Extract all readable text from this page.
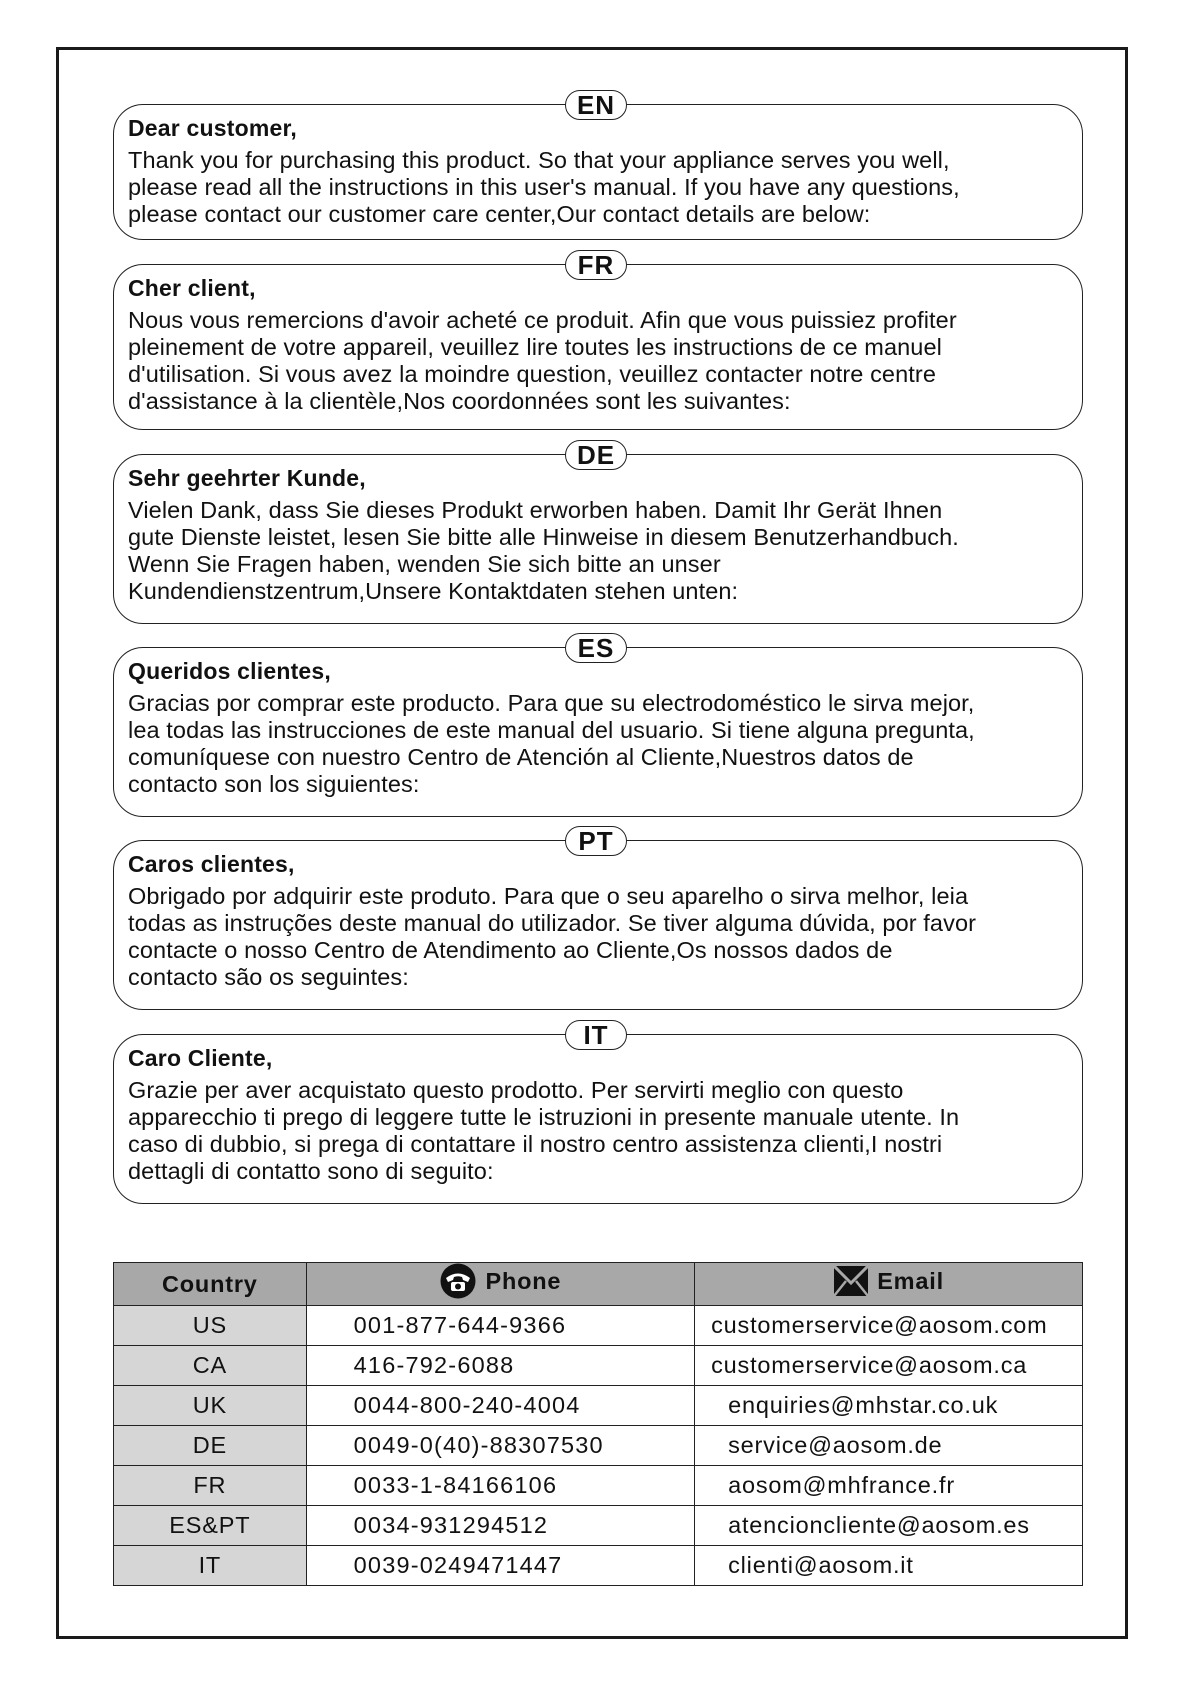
Dear customer,

Thank you for purchasing this product. So that your appliance serves you well,
please read all the instructions in this user's manual. If you have any questions,
please contact our customer care center,Our contact details are below:

EN

Cher client,

Nous vous remercions d'avoir acheté ce produit. Afin que vous puissiez profiter
pleinement de votre appareil, veuillez lire toutes les instructions de ce manuel
d'utilisation. Si vous avez la moindre question, veuillez contacter notre centre
d'assistance à la clientèle,Nos coordonnées sont les suivantes:

FR

Sehr geehrter Kunde,

Vielen Dank, dass Sie dieses Produkt erworben haben. Damit Ihr Gerät Ihnen
gute Dienste leistet, lesen Sie bitte alle Hinweise in diesem Benutzerhandbuch.
Wenn Sie Fragen haben, wenden Sie sich bitte an unser
Kundendienstzentrum,Unsere Kontaktdaten stehen unten:

DE

Queridos clientes,

Gracias por comprar este producto. Para que su electrodoméstico le sirva mejor,
lea todas las instrucciones de este manual del usuario. Si tiene alguna pregunta,
comuníquese con nuestro Centro de Atención al Cliente,Nuestros datos de
contacto son los siguientes:

ES

Caros clientes,

Obrigado por adquirir este produto. Para que o seu aparelho o sirva melhor, leia
todas as instruções deste manual do utilizador. Se tiver alguma dúvida, por favor
contacte o nosso Centro de Atendimento ao Cliente,Os nossos dados de
contacto são os seguintes:

PT

Caro Cliente,

Grazie per aver acquistato questo prodotto. Per servirti meglio con questo
apparecchio ti prego di leggere tutte le istruzioni in presente manuale utente. In
caso di dubbio, si prega di contattare il nostro centro assistenza clienti,I nostri
dettagli di contatto sono di seguito:

IT
Country	Phone	Email

US	001-877-644-9366	customerservice@aosom.com
CA	416-792-6088	customerservice@aosom.ca
UK	0044-800-240-4004	enquiries@mhstar.co.uk
DE	0049-0(40)-88307530	service@aosom.de
FR	0033-1-84166106	aosom@mhfrance.fr
ES&PT	0034-931294512	atencioncliente@aosom.es
IT	0039-0249471447	clienti@aosom.it
